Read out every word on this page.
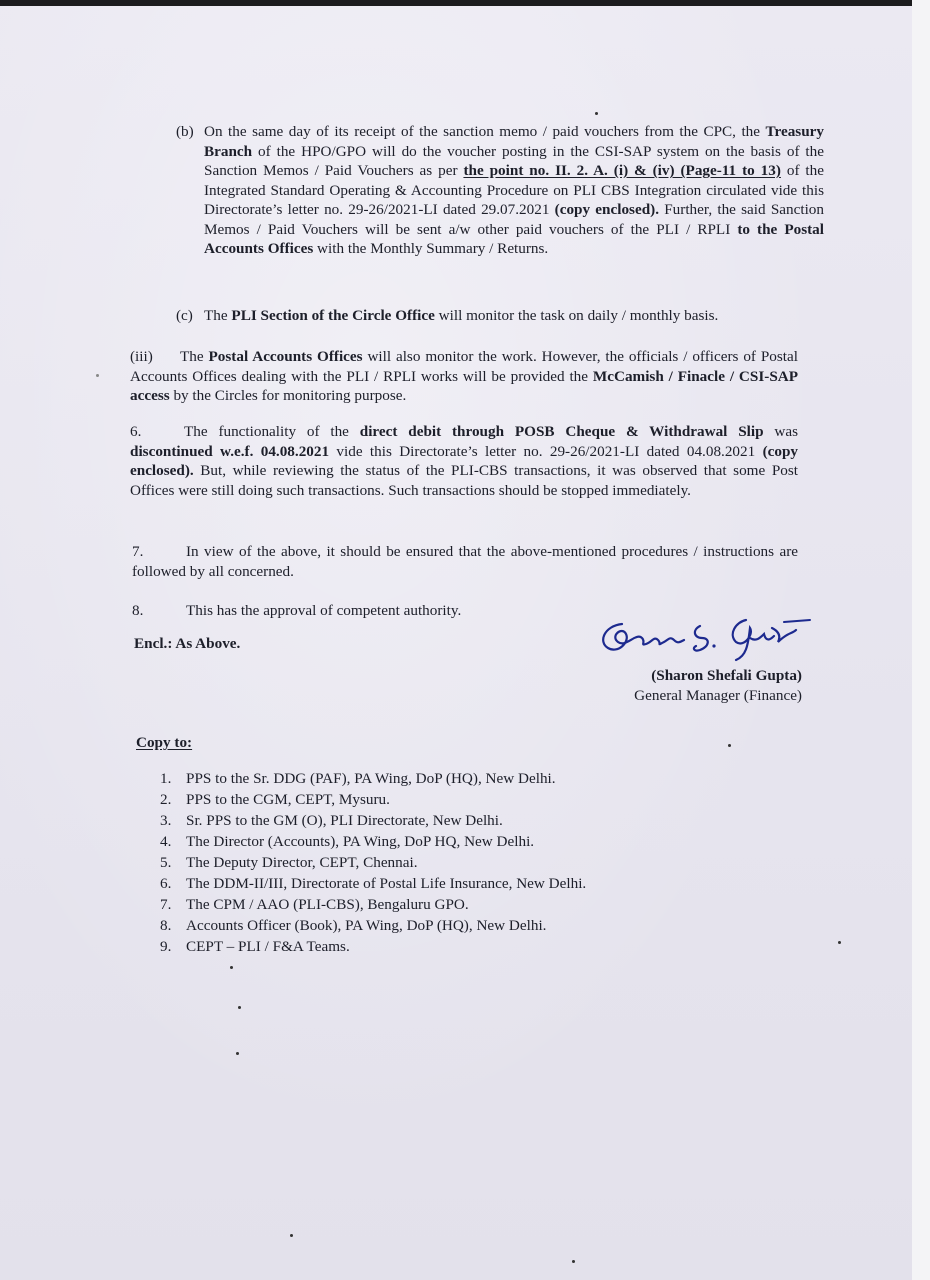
(b) On the same day of its receipt of the sanction memo / paid vouchers from the CPC, the Treasury Branch of the HPO/GPO will do the voucher posting in the CSI-SAP system on the basis of the Sanction Memos / Paid Vouchers as per the point no. II. 2. A. (i) & (iv) (Page-11 to 13) of the Integrated Standard Operating & Accounting Procedure on PLI CBS Integration circulated vide this Directorate’s letter no. 29-26/2021-LI dated 29.07.2021 (copy enclosed). Further, the said Sanction Memos / Paid Vouchers will be sent a/w other paid vouchers of the PLI / RPLI to the Postal Accounts Offices with the Monthly Summary / Returns.

(c) The PLI Section of the Circle Office will monitor the task on daily / monthly basis.

(iii) The Postal Accounts Offices will also monitor the work. However, the officials / officers of Postal Accounts Offices dealing with the PLI / RPLI works will be provided the McCamish / Finacle / CSI-SAP access by the Circles for monitoring purpose.

6.	The functionality of the direct debit through POSB Cheque & Withdrawal Slip was discontinued w.e.f. 04.08.2021 vide this Directorate’s letter no. 29-26/2021-LI dated 04.08.2021 (copy enclosed). But, while reviewing the status of the PLI-CBS transactions, it was observed that some Post Offices were still doing such transactions. Such transactions should be stopped immediately.

7.	In view of the above, it should be ensured that the above-mentioned procedures / instructions are followed by all concerned.

8.	This has the approval of competent authority.

Encl.: As Above.

(Sharon Shefali Gupta)
General Manager (Finance)

Copy to:

1. PPS to the Sr. DDG (PAF), PA Wing, DoP (HQ), New Delhi.
2. PPS to the CGM, CEPT, Mysuru.
3. Sr. PPS to the GM (O), PLI Directorate, New Delhi.
4. The Director (Accounts), PA Wing, DoP HQ, New Delhi.
5. The Deputy Director, CEPT, Chennai.
6. The DDM-II/III, Directorate of Postal Life Insurance, New Delhi.
7. The CPM / AAO (PLI-CBS), Bengaluru GPO.
8. Accounts Officer (Book), PA Wing, DoP (HQ), New Delhi.
9. CEPT – PLI / F&A Teams.
